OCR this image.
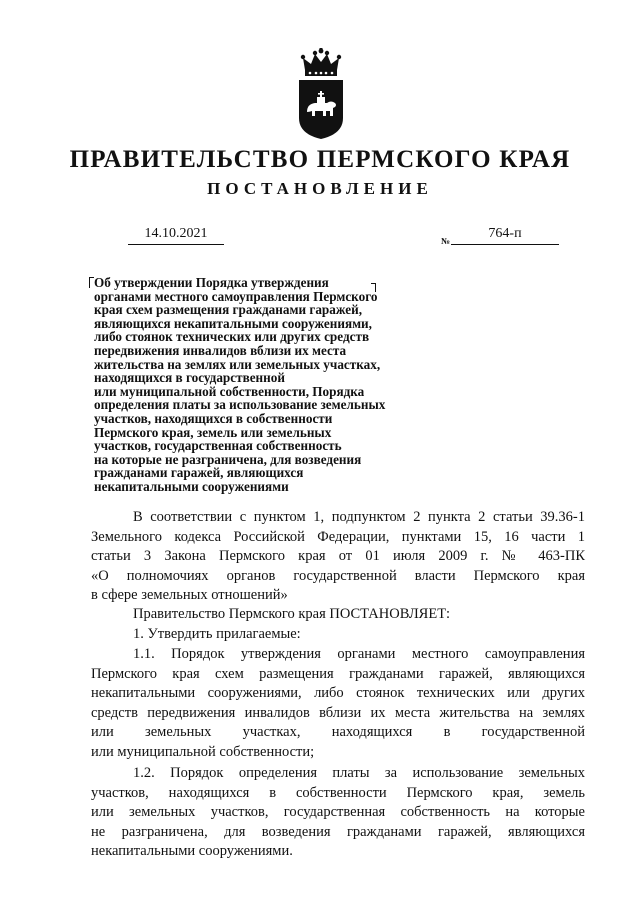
ПРАВИТЕЛЬСТВО ПЕРМСКОГО КРАЯ
ПОСТАНОВЛЕНИЕ
14.10.2021	№	764-п
Об утверждении Порядка утверждения
органами местного самоуправления Пермского
края схем размещения гражданами гаражей,
являющихся некапитальными сооружениями,
либо стоянок технических или других средств
передвижения инвалидов вблизи их места
жительства на землях или земельных участках,
находящихся в государственной
или муниципальной собственности, Порядка
определения платы за использование земельных
участков, находящихся в собственности
Пермского края, земель или земельных
участков, государственная собственность
на которые не разграничена, для возведения
гражданами гаражей, являющихся
некапитальными сооружениями
В соответствии с пунктом 1, подпунктом 2 пункта 2 статьи 39.36-1
Земельного кодекса Российской Федерации, пунктами 15, 16 части 1
статьи 3 Закона Пермского края от 01 июля 2009 г. № 463-ПК
«О полномочиях органов государственной власти Пермского края
в сфере земельных отношений»
Правительство Пермского края ПОСТАНОВЛЯЕТ:
1. Утвердить прилагаемые:
1.1. Порядок утверждения органами местного самоуправления
Пермского края схем размещения гражданами гаражей, являющихся
некапитальными сооружениями, либо стоянок технических или других
средств передвижения инвалидов вблизи их места жительства на землях
или земельных участках, находящихся в государственной
или муниципальной собственности;
1.2. Порядок определения платы за использование земельных
участков, находящихся в собственности Пермского края, земель
или земельных участков, государственная собственность на которые
не разграничена, для возведения гражданами гаражей, являющихся
некапитальными сооружениями.
